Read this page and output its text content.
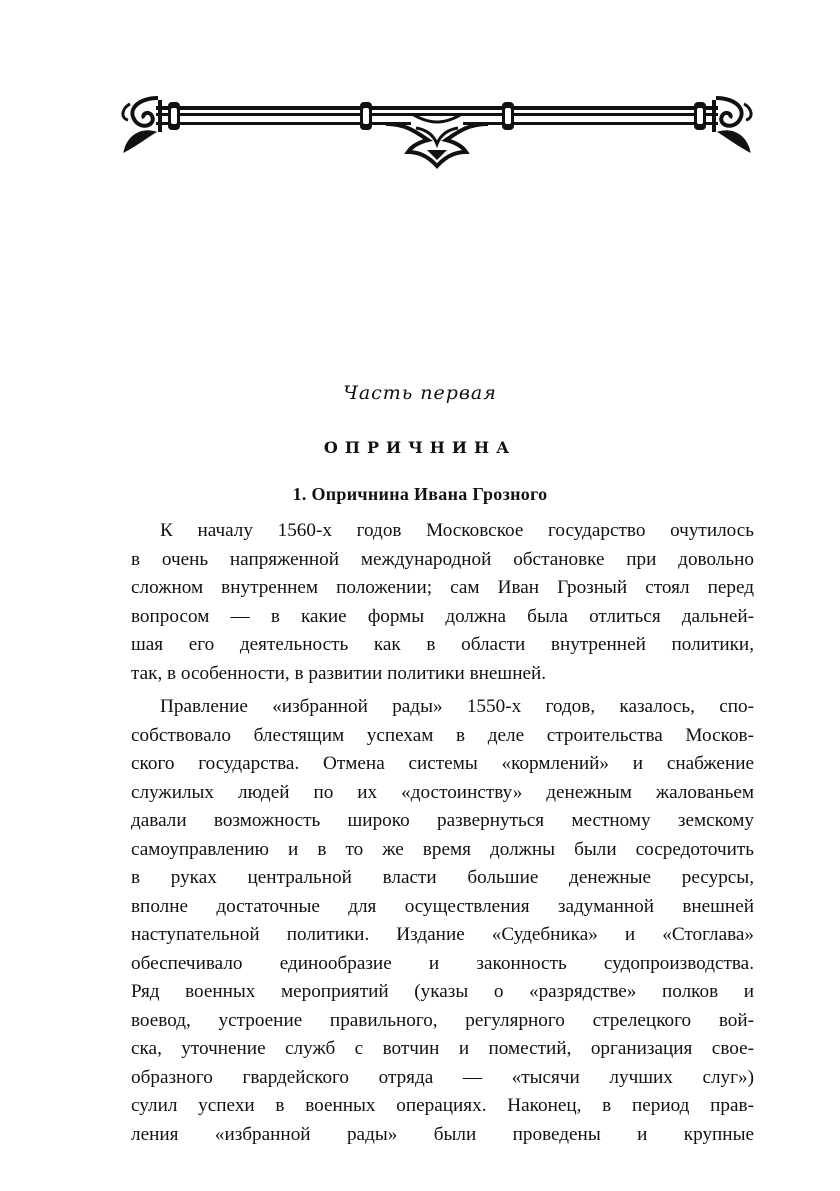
Часть первая
ОПРИЧНИНА
1. Опричнина Ивана Грозного
К началу 1560-х годов Московское государство очутилось
в очень напряженной международной обстановке при довольно
сложном внутреннем положении; сам Иван Грозный стоял перед
вопросом — в какие формы должна была отлиться дальней-
шая его деятельность как в области внутренней политики,
так, в особенности, в развитии политики внешней.
Правление «избранной рады» 1550-х годов, казалось, спо-
собствовало блестящим успехам в деле строительства Москов-
ского государства. Отмена системы «кормлений» и снабжение
служилых людей по их «достоинству» денежным жалованьем
давали возможность широко развернуться местному земскому
самоуправлению и в то же время должны были сосредоточить
в руках центральной власти большие денежные ресурсы,
вполне достаточные для осуществления задуманной внешней
наступательной политики. Издание «Судебника» и «Стоглава»
обеспечивало единообразие и законность судопроизводства.
Ряд военных мероприятий (указы о «разрядстве» полков и
воевод, устроение правильного, регулярного стрелецкого вой-
ска, уточнение служб с вотчин и поместий, организация свое-
образного гвардейского отряда — «тысячи лучших слуг»)
сулил успехи в военных операциях. Наконец, в период прав-
ления «избранной рады» были проведены и крупные
